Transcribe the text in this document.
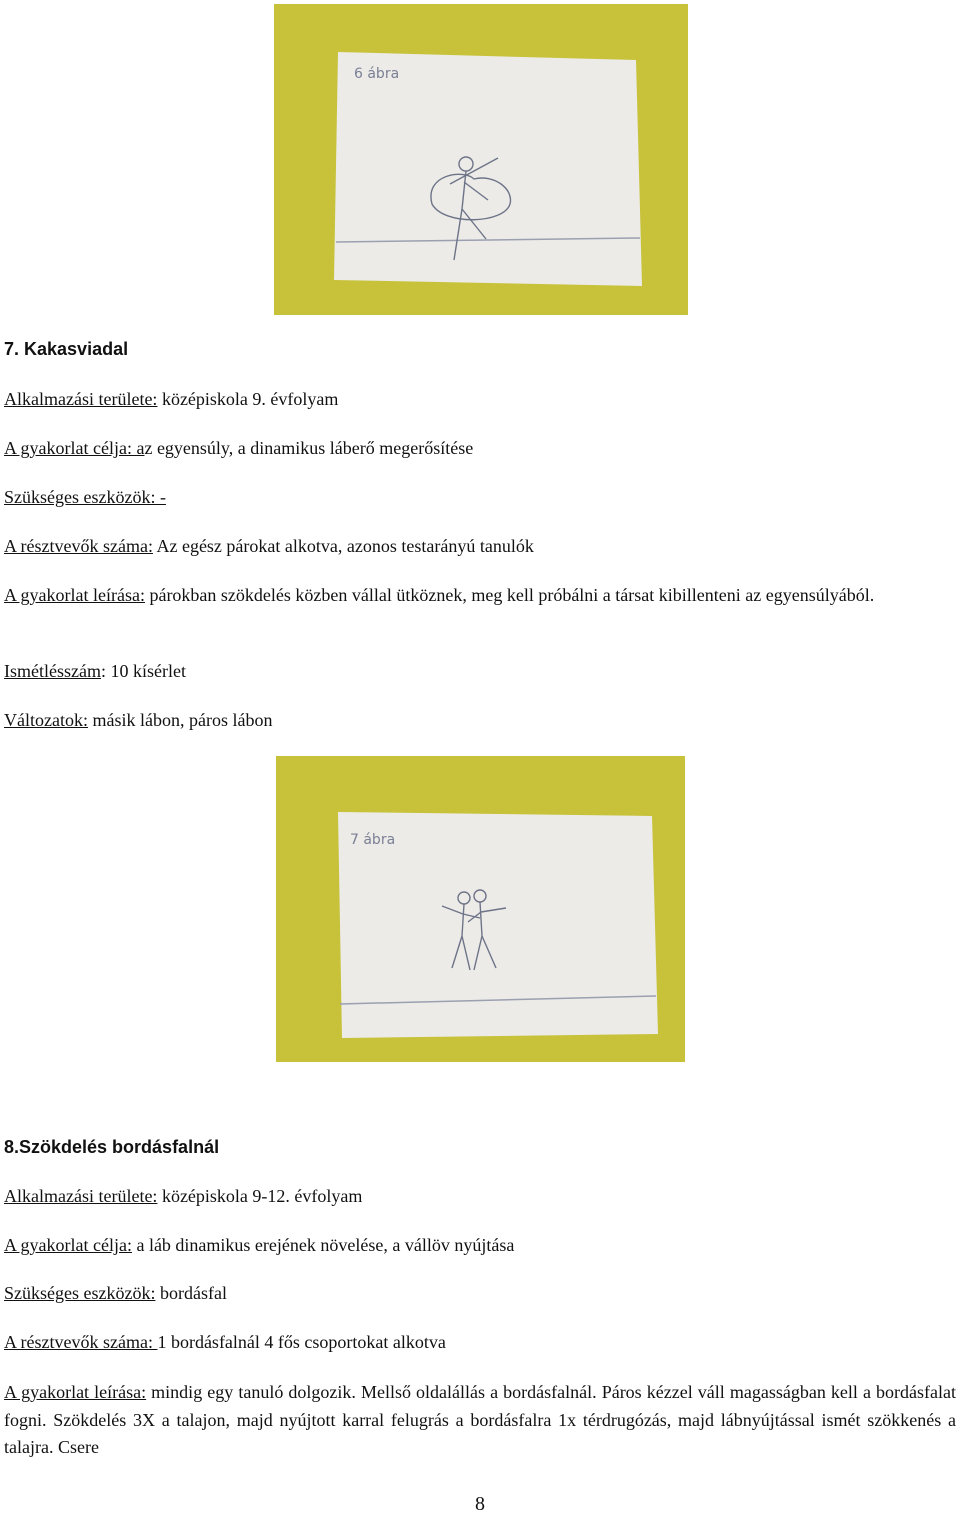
6 ábra
7. Kakasviadal

Alkalmazási területe: középiskola 9. évfolyam

A gyakorlat célja: az egyensúly, a dinamikus láberő megerősítése

Szükséges eszközök: -

A résztvevők száma: Az egész párokat alkotva, azonos testarányú tanulók

A gyakorlat leírása: párokban szökdelés közben vállal ütköznek, meg kell próbálni a társat kibillenteni az egyensúlyából.

Ismétlésszám: 10 kísérlet

Változatok: másik lábon, páros lábon

7 ábra
8.Szökdelés bordásfalnál

Alkalmazási területe: középiskola 9-12. évfolyam

A gyakorlat célja: a láb dinamikus erejének növelése, a vállöv nyújtása

Szükséges eszközök: bordásfal

A résztvevők száma: 1 bordásfalnál 4 fős csoportokat alkotva

A gyakorlat leírása: mindig egy tanuló dolgozik. Mellső oldalállás a bordásfalnál. Páros kézzel váll magasságban kell a bordásfalat fogni. Szökdelés 3X a talajon, majd nyújtott karral felugrás a bordásfalra 1x térdrugózás, majd lábnyújtással ismét szökkenés a talajra. Csere

8
